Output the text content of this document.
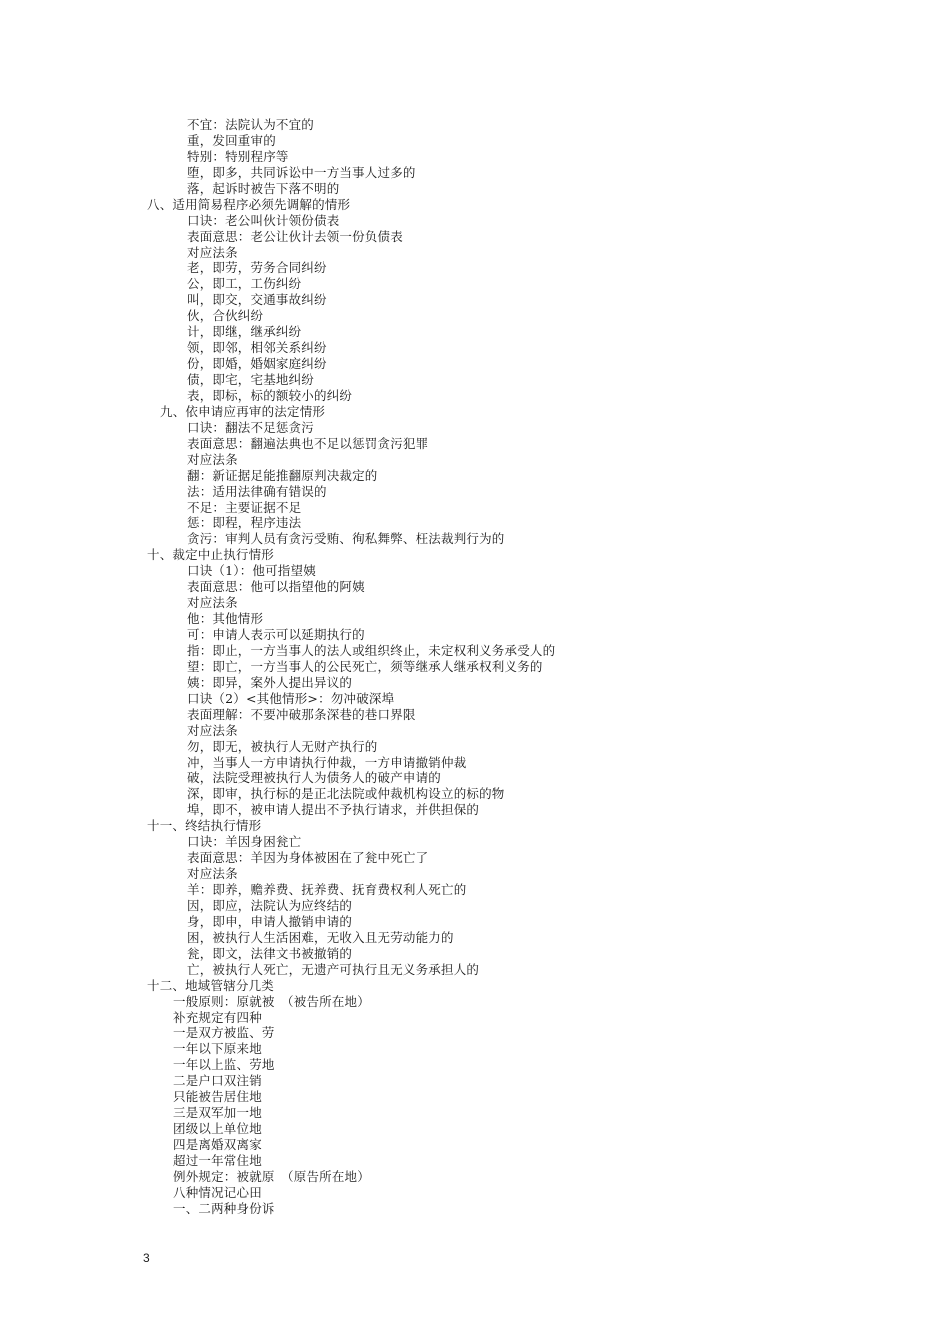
不宜：法院认为不宜的
重，发回重审的
特别：特别程序等
堕，即多，共同诉讼中一方当事人过多的
落，起诉时被告下落不明的
八、适用简易程序必须先调解的情形
口诀：老公叫伙计领份债表
表面意思：老公让伙计去领一份负债表
对应法条
老，即劳，劳务合同纠纷
公，即工，工伤纠纷
叫，即交，交通事故纠纷
伙，合伙纠纷
计，即继，继承纠纷
领，即邻，相邻关系纠纷
份，即婚，婚姻家庭纠纷
债，即宅，宅基地纠纷
表，即标，标的额较小的纠纷
九、依申请应再审的法定情形
口诀：翻法不足惩贪污
表面意思：翻遍法典也不足以惩罚贪污犯罪
对应法条
翻：新证据足能推翻原判决裁定的
法：适用法律确有错误的
不足：主要证据不足
惩：即程，程序违法
贪污：审判人员有贪污受贿、徇私舞弊、枉法裁判行为的
十、裁定中止执行情形
口诀（1）：他可指望姨
表面意思：他可以指望他的阿姨
对应法条
他：其他情形
可：申请人表示可以延期执行的
指：即止，一方当事人的法人或组织终止，未定权利义务承受人的
望：即亡，一方当事人的公民死亡，须等继承人继承权利义务的
姨：即异，案外人提出异议的
口诀（2）<其他情形>：勿冲破深埠
表面理解：不要冲破那条深巷的巷口界限
对应法条
勿，即无，被执行人无财产执行的
冲，当事人一方申请执行仲裁，一方申请撤销仲裁
破，法院受理被执行人为债务人的破产申请的
深，即审，执行标的是正北法院或仲裁机构设立的标的物
埠，即不，被申请人提出不予执行请求，并供担保的
十一、终结执行情形
口诀：羊因身困瓮亡
表面意思：羊因为身体被困在了瓮中死亡了
对应法条
羊：即养，赡养费、抚养费、抚育费权利人死亡的
因，即应，法院认为应终结的
身，即申，申请人撤销申请的
困，被执行人生活困难，无收入且无劳动能力的
瓮，即文，法律文书被撤销的
亡，被执行人死亡，无遗产可执行且无义务承担人的
十二、地域管辖分几类
一般原则：原就被　（被告所在地）
补充规定有四种
一是双方被监、劳
一年以下原来地
一年以上监、劳地
二是户口双注销
只能被告居住地
三是双军加一地
团级以上单位地
四是离婚双离家
超过一年常住地
例外规定：被就原　（原告所在地）
八种情况记心田
一、二两种身份诉
3
